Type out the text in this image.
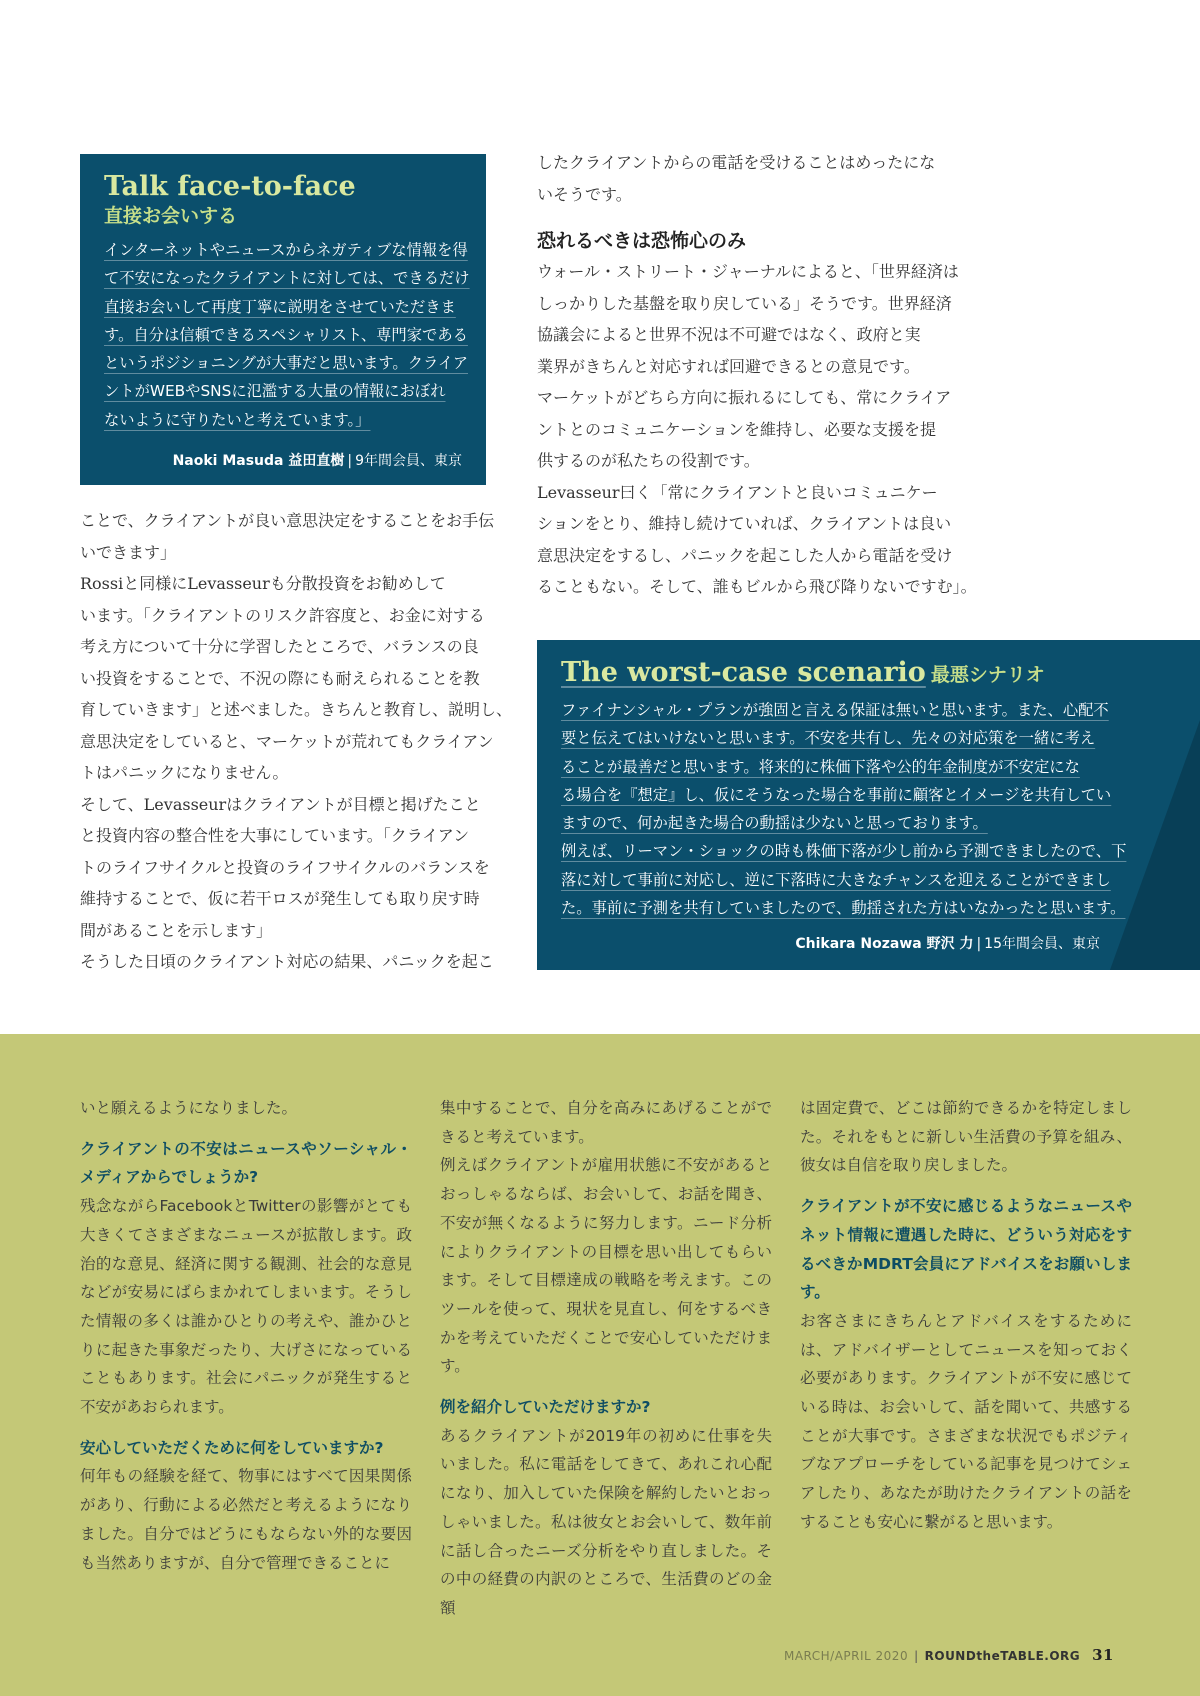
Talk face-to-face
直接お会いする

インターネットやニュースからネガティブな情報を得

て不安になったクライアントに対しては、できるだけ

直接お会いして再度丁寧に説明をさせていただきま

す。自分は信頼できるスペシャリスト、専門家である

というポジショニングが大事だと思います。クライア

ントがWEBやSNSに氾濫する大量の情報におぼれ

ないように守りたいと考えています。」

Naoki Masuda 益田直樹 | 9年間会員、東京

ことで、クライアントが良い意思決定をすることをお手伝

いできます」

Rossiと同様にLevasseurも分散投資をお勧めして

います。「クライアントのリスク許容度と、お金に対する

考え方について十分に学習したところで、バランスの良

い投資をすることで、不況の際にも耐えられることを教

育していきます」と述べました。きちんと教育し、説明し、

意思決定をしていると、マーケットが荒れてもクライアン

トはパニックになりません。

そして、Levasseurはクライアントが目標と掲げたこと

と投資内容の整合性を大事にしています。「クライアン

トのライフサイクルと投資のライフサイクルのバランスを

維持することで、仮に若干ロスが発生しても取り戻す時

間があることを示します」

そうした日頃のクライアント対応の結果、パニックを起こ

したクライアントからの電話を受けることはめったにな

いそうです。

恐れるべきは恐怖心のみ

ウォール・ストリート・ジャーナルによると、「世界経済は

しっかりした基盤を取り戻している」そうです。世界経済

協議会によると世界不況は不可避ではなく、政府と実

業界がきちんと対応すれば回避できるとの意見です。

マーケットがどちら方向に振れるにしても、常にクライア

ントとのコミュニケーションを維持し、必要な支援を提

供するのが私たちの役割です。

Levasseur曰く「常にクライアントと良いコミュニケー

ションをとり、維持し続けていれば、クライアントは良い

意思決定をするし、パニックを起こした人から電話を受け

ることもない。そして、誰もビルから飛び降りないですむ」。

The worst-case scenario 最悪シナリオ

ファイナンシャル・プランが強固と言える保証は無いと思います。また、心配不

要と伝えてはいけないと思います。不安を共有し、先々の対応策を一緒に考え

ることが最善だと思います。将来的に株価下落や公的年金制度が不安定にな

る場合を『想定』し、仮にそうなった場合を事前に顧客とイメージを共有してい

ますので、何か起きた場合の動揺は少ないと思っております。

例えば、リーマン・ショックの時も株価下落が少し前から予測できましたので、下

落に対して事前に対応し、逆に下落時に大きなチャンスを迎えることができまし

た。事前に予測を共有していましたので、動揺された方はいなかったと思います。

Chikara Nozawa 野沢 力 | 15年間会員、東京

いと願えるようになりました。

クライアントの不安はニュースやソーシャル・メディアからでしょうか?

残念ながらFacebookとTwitterの影響がとても大きくてさまざまなニュースが拡散します。政治的な意見、経済に関する観測、社会的な意見などが安易にばらまかれてしまいます。そうした情報の多くは誰かひとりの考えや、誰かひとりに起きた事象だったり、大げさになっていることもあります。社会にパニックが発生すると不安があおられます。

安心していただくために何をしていますか?

何年もの経験を経て、物事にはすべて因果関係があり、行動による必然だと考えるようになりました。自分ではどうにもならない外的な要因も当然ありますが、自分で管理できることに

集中することで、自分を高みにあげることができると考えています。

例えばクライアントが雇用状態に不安があるとおっしゃるならば、お会いして、お話を聞き、不安が無くなるように努力します。ニード分析によりクライアントの目標を思い出してもらいます。そして目標達成の戦略を考えます。このツールを使って、現状を見直し、何をするべきかを考えていただくことで安心していただけます。

例を紹介していただけますか?

あるクライアントが2019年の初めに仕事を失いました。私に電話をしてきて、あれこれ心配になり、加入していた保険を解約したいとおっしゃいました。私は彼女とお会いして、数年前に話し合ったニーズ分析をやり直しました。その中の経費の内訳のところで、生活費のどの金額

は固定費で、どこは節約できるかを特定しました。それをもとに新しい生活費の予算を組み、彼女は自信を取り戻しました。

クライアントが不安に感じるようなニュースやネット情報に遭遇した時に、どういう対応をするべきかMDRT会員にアドバイスをお願いします。

お客さまにきちんとアドバイスをするためには、アドバイザーとしてニュースを知っておく必要があります。クライアントが不安に感じている時は、お会いして、話を聞いて、共感することが大事です。さまざまな状況でもポジティブなアプローチをしている記事を見つけてシェアしたり、あなたが助けたクライアントの話をすることも安心に繋がると思います。

MARCH/APRIL 2020 | ROUNDtheTABLE.ORG 31
